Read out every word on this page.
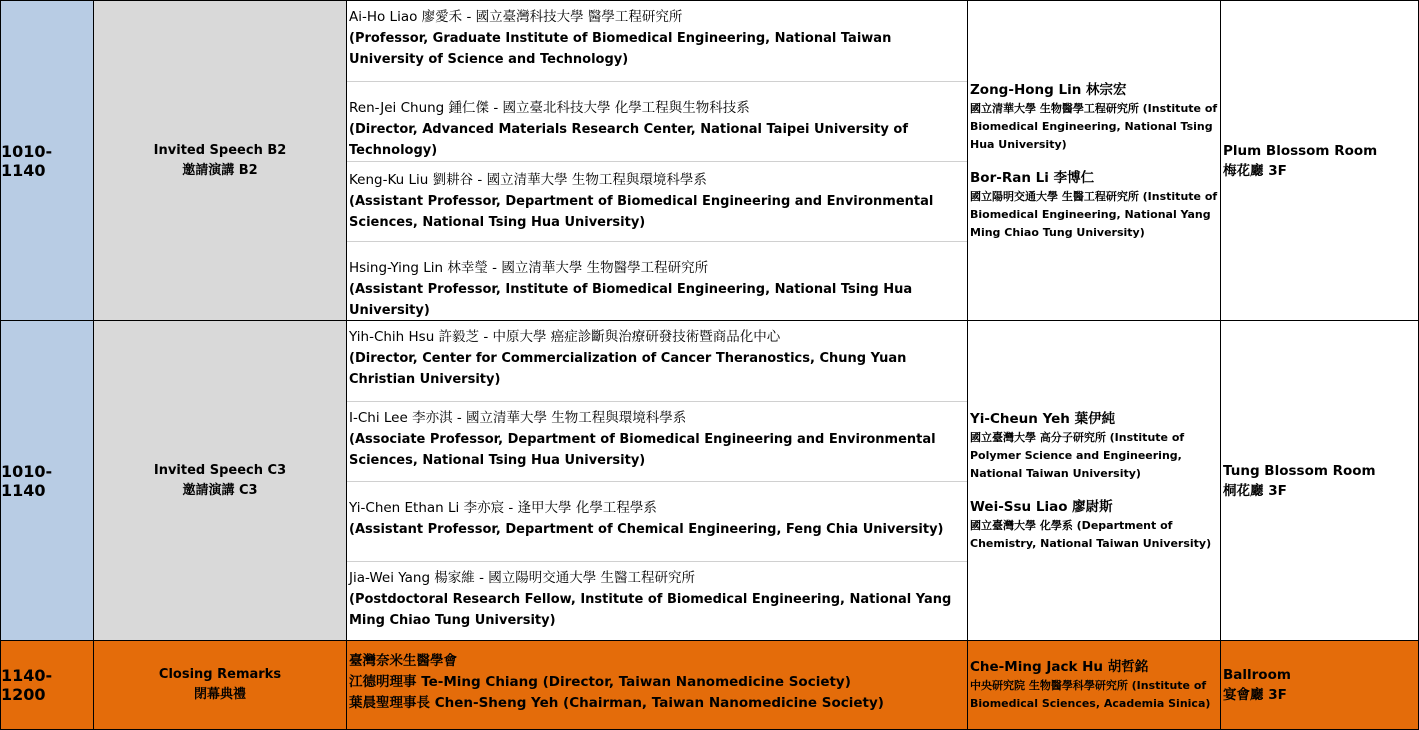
1010-1140
Invited Speech B2
邀請演講 B2
Ai-Ho Liao 廖愛禾 - 國立臺灣科技大學 醫學工程研究所
(Professor, Graduate Institute of Biomedical Engineering, National Taiwan University of Science and Technology)
Ren-Jei Chung 鍾仁傑 - 國立臺北科技大學 化學工程與生物科技系
(Director, Advanced Materials Research Center, National Taipei University of Technology)
Keng-Ku Liu 劉耕谷 - 國立清華大學 生物工程與環境科學系
(Assistant Professor, Department of Biomedical Engineering and Environmental Sciences, National Tsing Hua University)
Hsing-Ying Lin 林幸瑩 - 國立清華大學 生物醫學工程研究所
(Assistant Professor, Institute of Biomedical Engineering, National Tsing Hua University)
Zong-Hong Lin 林宗宏
國立清華大學 生物醫學工程研究所 (Institute of Biomedical Engineering, National Tsing Hua University)
Bor-Ran Li 李博仁
國立陽明交通大學 生醫工程研究所 (Institute of Biomedical Engineering, National Yang Ming Chiao Tung University)
Plum Blossom Room
梅花廳 3F
1010-1140
Invited Speech C3
邀請演講 C3
Yih-Chih Hsu 許毅芝 - 中原大學 癌症診斷與治療研發技術暨商品化中心
(Director, Center for Commercialization of Cancer Theranostics, Chung Yuan Christian University)
I-Chi Lee 李亦淇 - 國立清華大學 生物工程與環境科學系
(Associate Professor, Department of Biomedical Engineering and Environmental Sciences, National Tsing Hua University)
Yi-Chen Ethan Li 李亦宸 - 逢甲大學 化學工程學系
(Assistant Professor, Department of Chemical Engineering, Feng Chia University)
Jia-Wei Yang 楊家維 - 國立陽明交通大學 生醫工程研究所
(Postdoctoral Research Fellow, Institute of Biomedical Engineering, National Yang Ming Chiao Tung University)
Yi-Cheun Yeh 葉伊純
國立臺灣大學 高分子研究所 (Institute of Polymer Science and Engineering, National Taiwan University)
Wei-Ssu Liao 廖尉斯
國立臺灣大學 化學系 (Department of Chemistry, National Taiwan University)
Tung Blossom Room
桐花廳 3F
1140-1200
Closing Remarks
閉幕典禮
臺灣奈米生醫學會
江德明理事 Te-Ming Chiang (Director, Taiwan Nanomedicine Society)
葉晨聖理事長 Chen-Sheng Yeh (Chairman, Taiwan Nanomedicine Society)
Che-Ming Jack Hu 胡哲銘
中央研究院 生物醫學科學研究所 (Institute of Biomedical Sciences, Academia Sinica)
Ballroom
宴會廳 3F
